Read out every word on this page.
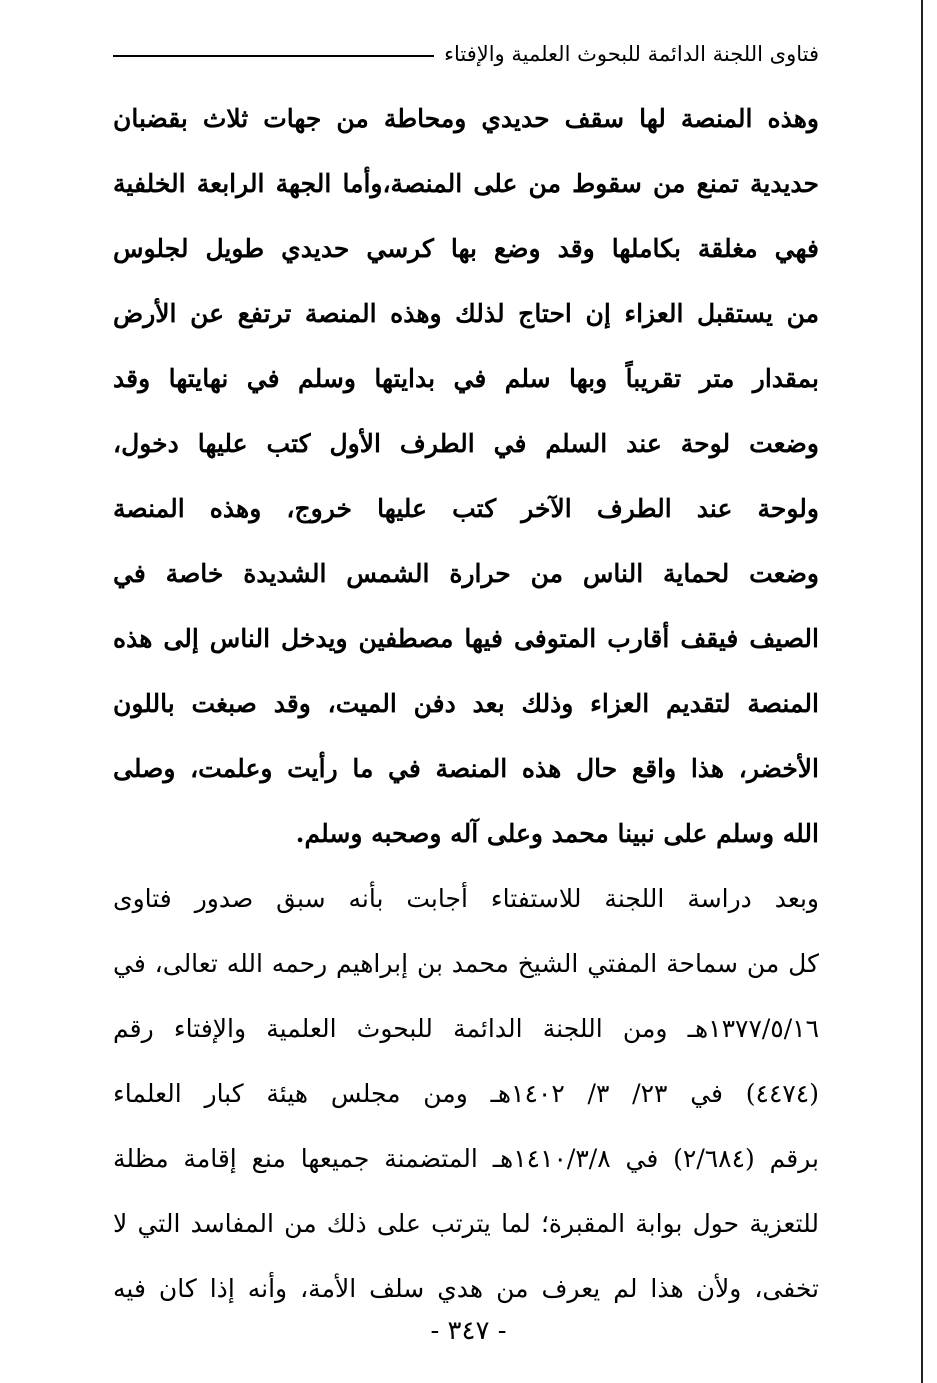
فتاوى اللجنة الدائمة للبحوث العلمية والإفتاء
وهذه المنصة لها سقف حديدي ومحاطة من جهات ثلاث بقضبان
حديدية تمنع من سقوط من على المنصة،وأما الجهة الرابعة الخلفية
فهي مغلقة بكاملها وقد وضع بها كرسي حديدي طويل لجلوس
من يستقبل العزاء إن احتاج لذلك وهذه المنصة ترتفع عن الأرض
بمقدار متر تقريباً وبها سلم في بدايتها وسلم في نهايتها وقد
وضعت لوحة عند السلم في الطرف الأول كتب عليها دخول،
ولوحة عند الطرف الآخر كتب عليها خروج، وهذه المنصة
وضعت لحماية الناس من حرارة الشمس الشديدة خاصة في
الصيف فيقف أقارب المتوفى فيها مصطفين ويدخل الناس إلى هذه
المنصة لتقديم العزاء وذلك بعد دفن الميت، وقد صبغت باللون
الأخضر، هذا واقع حال هذه المنصة في ما رأيت وعلمت، وصلى
الله وسلم على نبينا محمد وعلى آله وصحبه وسلم.
وبعد دراسة اللجنة للاستفتاء أجابت بأنه سبق صدور فتاوى
كل من سماحة المفتي الشيخ محمد بن إبراهيم رحمه الله تعالى، في
١٣٧٧/٥/١٦هـ ومن اللجنة الدائمة للبحوث العلمية والإفتاء رقم
(٤٤٧٤) في ٢٣/ ٣/ ١٤٠٢هـ ومن مجلس هيئة كبار العلماء
برقم (٢/٦٨٤) في ١٤١٠/٣/٨هـ المتضمنة جميعها منع إقامة مظلة
للتعزية حول بوابة المقبرة؛ لما يترتب على ذلك من المفاسد التي لا
تخفى، ولأن هذا لم يعرف من هدي سلف الأمة، وأنه إذا كان فيه
- ٣٤٧ -
